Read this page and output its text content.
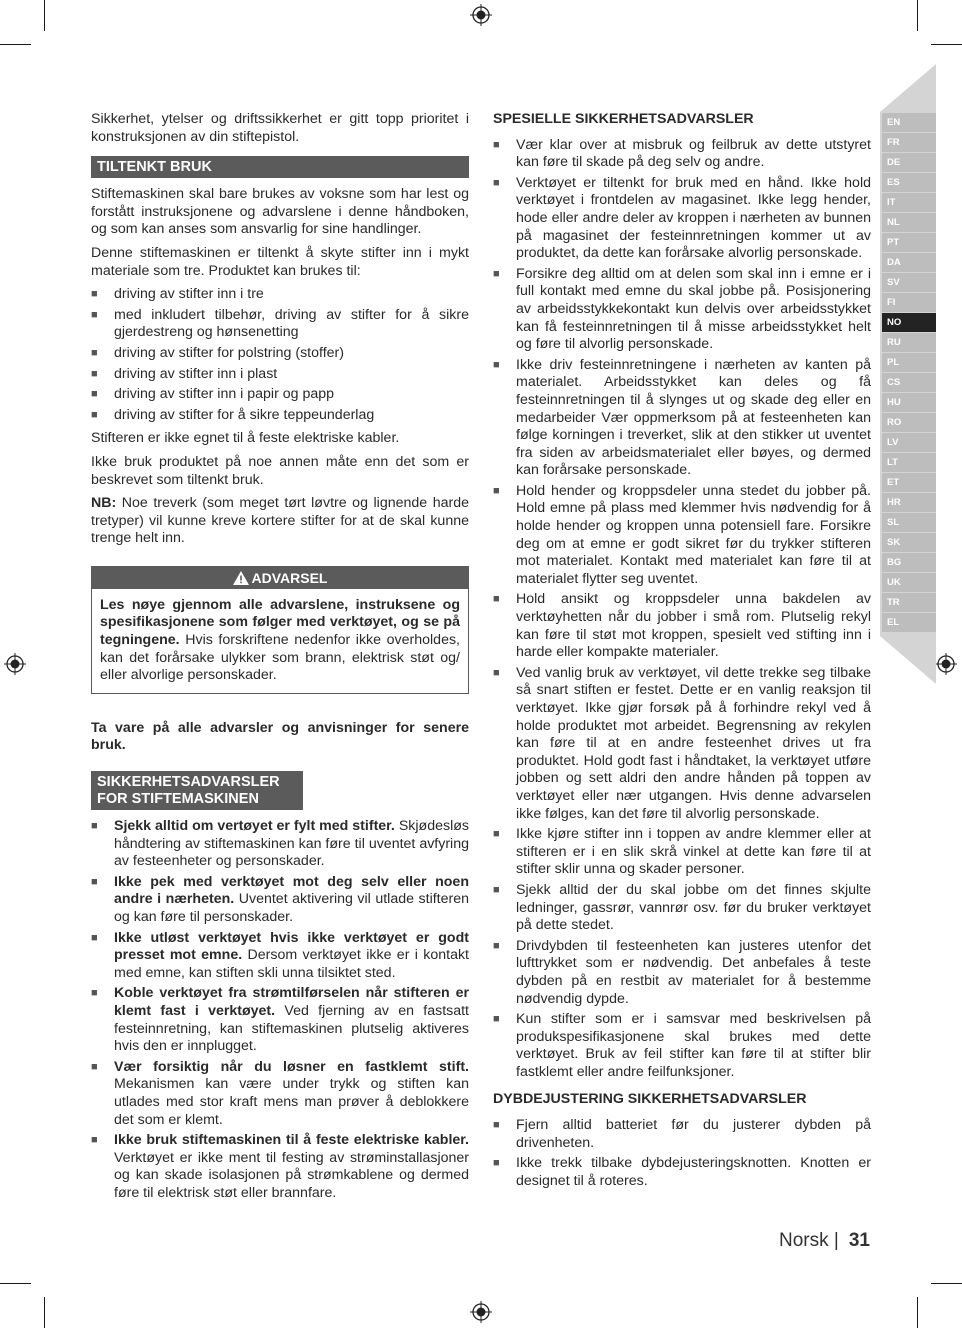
Sikkerhet, ytelser og driftssikkerhet er gitt topp prioritet i konstruksjonen av din stiftepistol.

TILTENKT BRUK

Stiftemaskinen skal bare brukes av voksne som har lest og forstått instruksjonene og advarslene i denne håndboken, og som kan anses som ansvarlig for sine handlinger.

Denne stiftemaskinen er tiltenkt å skyte stifter inn i mykt materiale som tre. Produktet kan brukes til:

■ driving av stifter inn i tre
■ med inkludert tilbehør, driving av stifter for å sikre gjerdestreng og hønsenetting
■ driving av stifter for polstring (stoffer)
■ driving av stifter inn i plast
■ driving av stifter inn i papir og papp
■ driving av stifter for å sikre teppeunderlag

Stifteren er ikke egnet til å feste elektriske kabler.

Ikke bruk produktet på noe annen måte enn det som er beskrevet som tiltenkt bruk.

NB: Noe treverk (som meget tørt løvtre og lignende harde tretyper) vil kunne kreve kortere stifter for at de skal kunne trenge helt inn.

ADVARSEL
Les nøye gjennom alle advarslene, instruksene og spesifikasjonene som følger med verktøyet, og se på tegningene. Hvis forskriftene nedenfor ikke overholdes, kan det forårsake ulykker som brann, elektrisk støt og/ eller alvorlige personskader.

Ta vare på alle advarsler og anvisninger for senere bruk.

SIKKERHETSADVARSLER FOR STIFTEMASKINEN
■ Sjekk alltid om vertøyet er fylt med stifter. Skjødesløs håndtering av stiftemaskinen kan føre til uventet avfyring av festeenheter og personskader.
■ Ikke pek med verktøyet mot deg selv eller noen andre i nærheten. Uventet aktivering vil utlade stifteren og kan føre til personskader.
■ Ikke utløst verktøyet hvis ikke verktøyet er godt presset mot emne. Dersom verktøyet ikke er i kontakt med emne, kan stiften skli unna tilsiktet sted.
■ Koble verktøyet fra strømtilførselen når stifteren er klemt fast i verktøyet. Ved fjerning av en fastsatt festeinnretning, kan stiftemaskinen plutselig aktiveres hvis den er innplugget.
■ Vær forsiktig når du løsner en fastklemt stift. Mekanismen kan være under trykk og stiften kan utlades med stor kraft mens man prøver å deblokkere det som er klemt.
■ Ikke bruk stiftemaskinen til å feste elektriske kabler. Verktøyet er ikke ment til festing av strøminstallasjoner og kan skade isolasjonen på strømkablene og dermed føre til elektrisk støt eller brannfare.
SPESIELLE SIKKERHETSADVARSLER
■ Vær klar over at misbruk og feilbruk av dette utstyret kan føre til skade på deg selv og andre.
■ Verktøyet er tiltenkt for bruk med en hånd. Ikke hold verktøyet i frontdelen av magasinet. Ikke legg hender, hode eller andre deler av kroppen i nærheten av bunnen på magasinet der festeinnretningen kommer ut av produktet, da dette kan forårsake alvorlig personskade.
■ Forsikre deg alltid om at delen som skal inn i emne er i full kontakt med emne du skal jobbe på. Posisjonering av arbeidsstykkekontakt kun delvis over arbeidsstykket kan få festeinnretningen til å misse arbeidsstykket helt og føre til alvorlig personskade.
■ Ikke driv festeinnretningene i nærheten av kanten på materialet. Arbeidsstykket kan deles og få festeinnretningen til å slynges ut og skade deg eller en medarbeider Vær oppmerksom på at festeenheten kan følge korningen i treverket, slik at den stikker ut uventet fra siden av arbeidsmaterialet eller bøyes, og dermed kan forårsake personskade.
■ Hold hender og kroppsdeler unna stedet du jobber på. Hold emne på plass med klemmer hvis nødvendig for å holde hender og kroppen unna potensiell fare. Forsikre deg om at emne er godt sikret før du trykker stifteren mot materialet. Kontakt med materialet kan føre til at materialet flytter seg uventet.
■ Hold ansikt og kroppsdeler unna bakdelen av verktøyhetten når du jobber i små rom. Plutselig rekyl kan føre til støt mot kroppen, spesielt ved stifting inn i harde eller kompakte materialer.
■ Ved vanlig bruk av verktøyet, vil dette trekke seg tilbake så snart stiften er festet. Dette er en vanlig reaksjon til verktøyet. Ikke gjør forsøk på å forhindre rekyl ved å holde produktet mot arbeidet. Begrensning av rekylen kan føre til at en andre festeenhet drives ut fra produktet. Hold godt fast i håndtaket, la verktøyet utføre jobben og sett aldri den andre hånden på toppen av verktøyet eller nær utgangen. Hvis denne advarselen ikke følges, kan det føre til alvorlig personskade.
■ Ikke kjøre stifter inn i toppen av andre klemmer eller at stifteren er i en slik skrå vinkel at dette kan føre til at stifter sklir unna og skader personer.
■ Sjekk alltid der du skal jobbe om det finnes skjulte ledninger, gassrør, vannrør osv. før du bruker verktøyet på dette stedet.
■ Drivdybden til festeenheten kan justeres utenfor det lufttrykket som er nødvendig. Det anbefales å teste dybden på en restbit av materialet for å bestemme nødvendig dypde.
■ Kun stifter som er i samsvar med beskrivelsen på produkspesifikasjonene skal brukes med dette verktøyet. Bruk av feil stifter kan føre til at stifter blir fastklemt eller andre feilfunksjoner.
DYBDEJUSTERING SIKKERHETSADVARSLER
■ Fjern alltid batteriet før du justerer dybden på drivenheten.
■ Ikke trekk tilbake dybdejusteringsknotten. Knotten er designet til å roteres.
EN
FR
DE
ES
IT
NL
PT
DA
SV
FI
NO
RU
PL
CS
HU
RO
LV
LT
ET
HR
SL
SK
BG
UK
TR
EL
Norsk | 31
